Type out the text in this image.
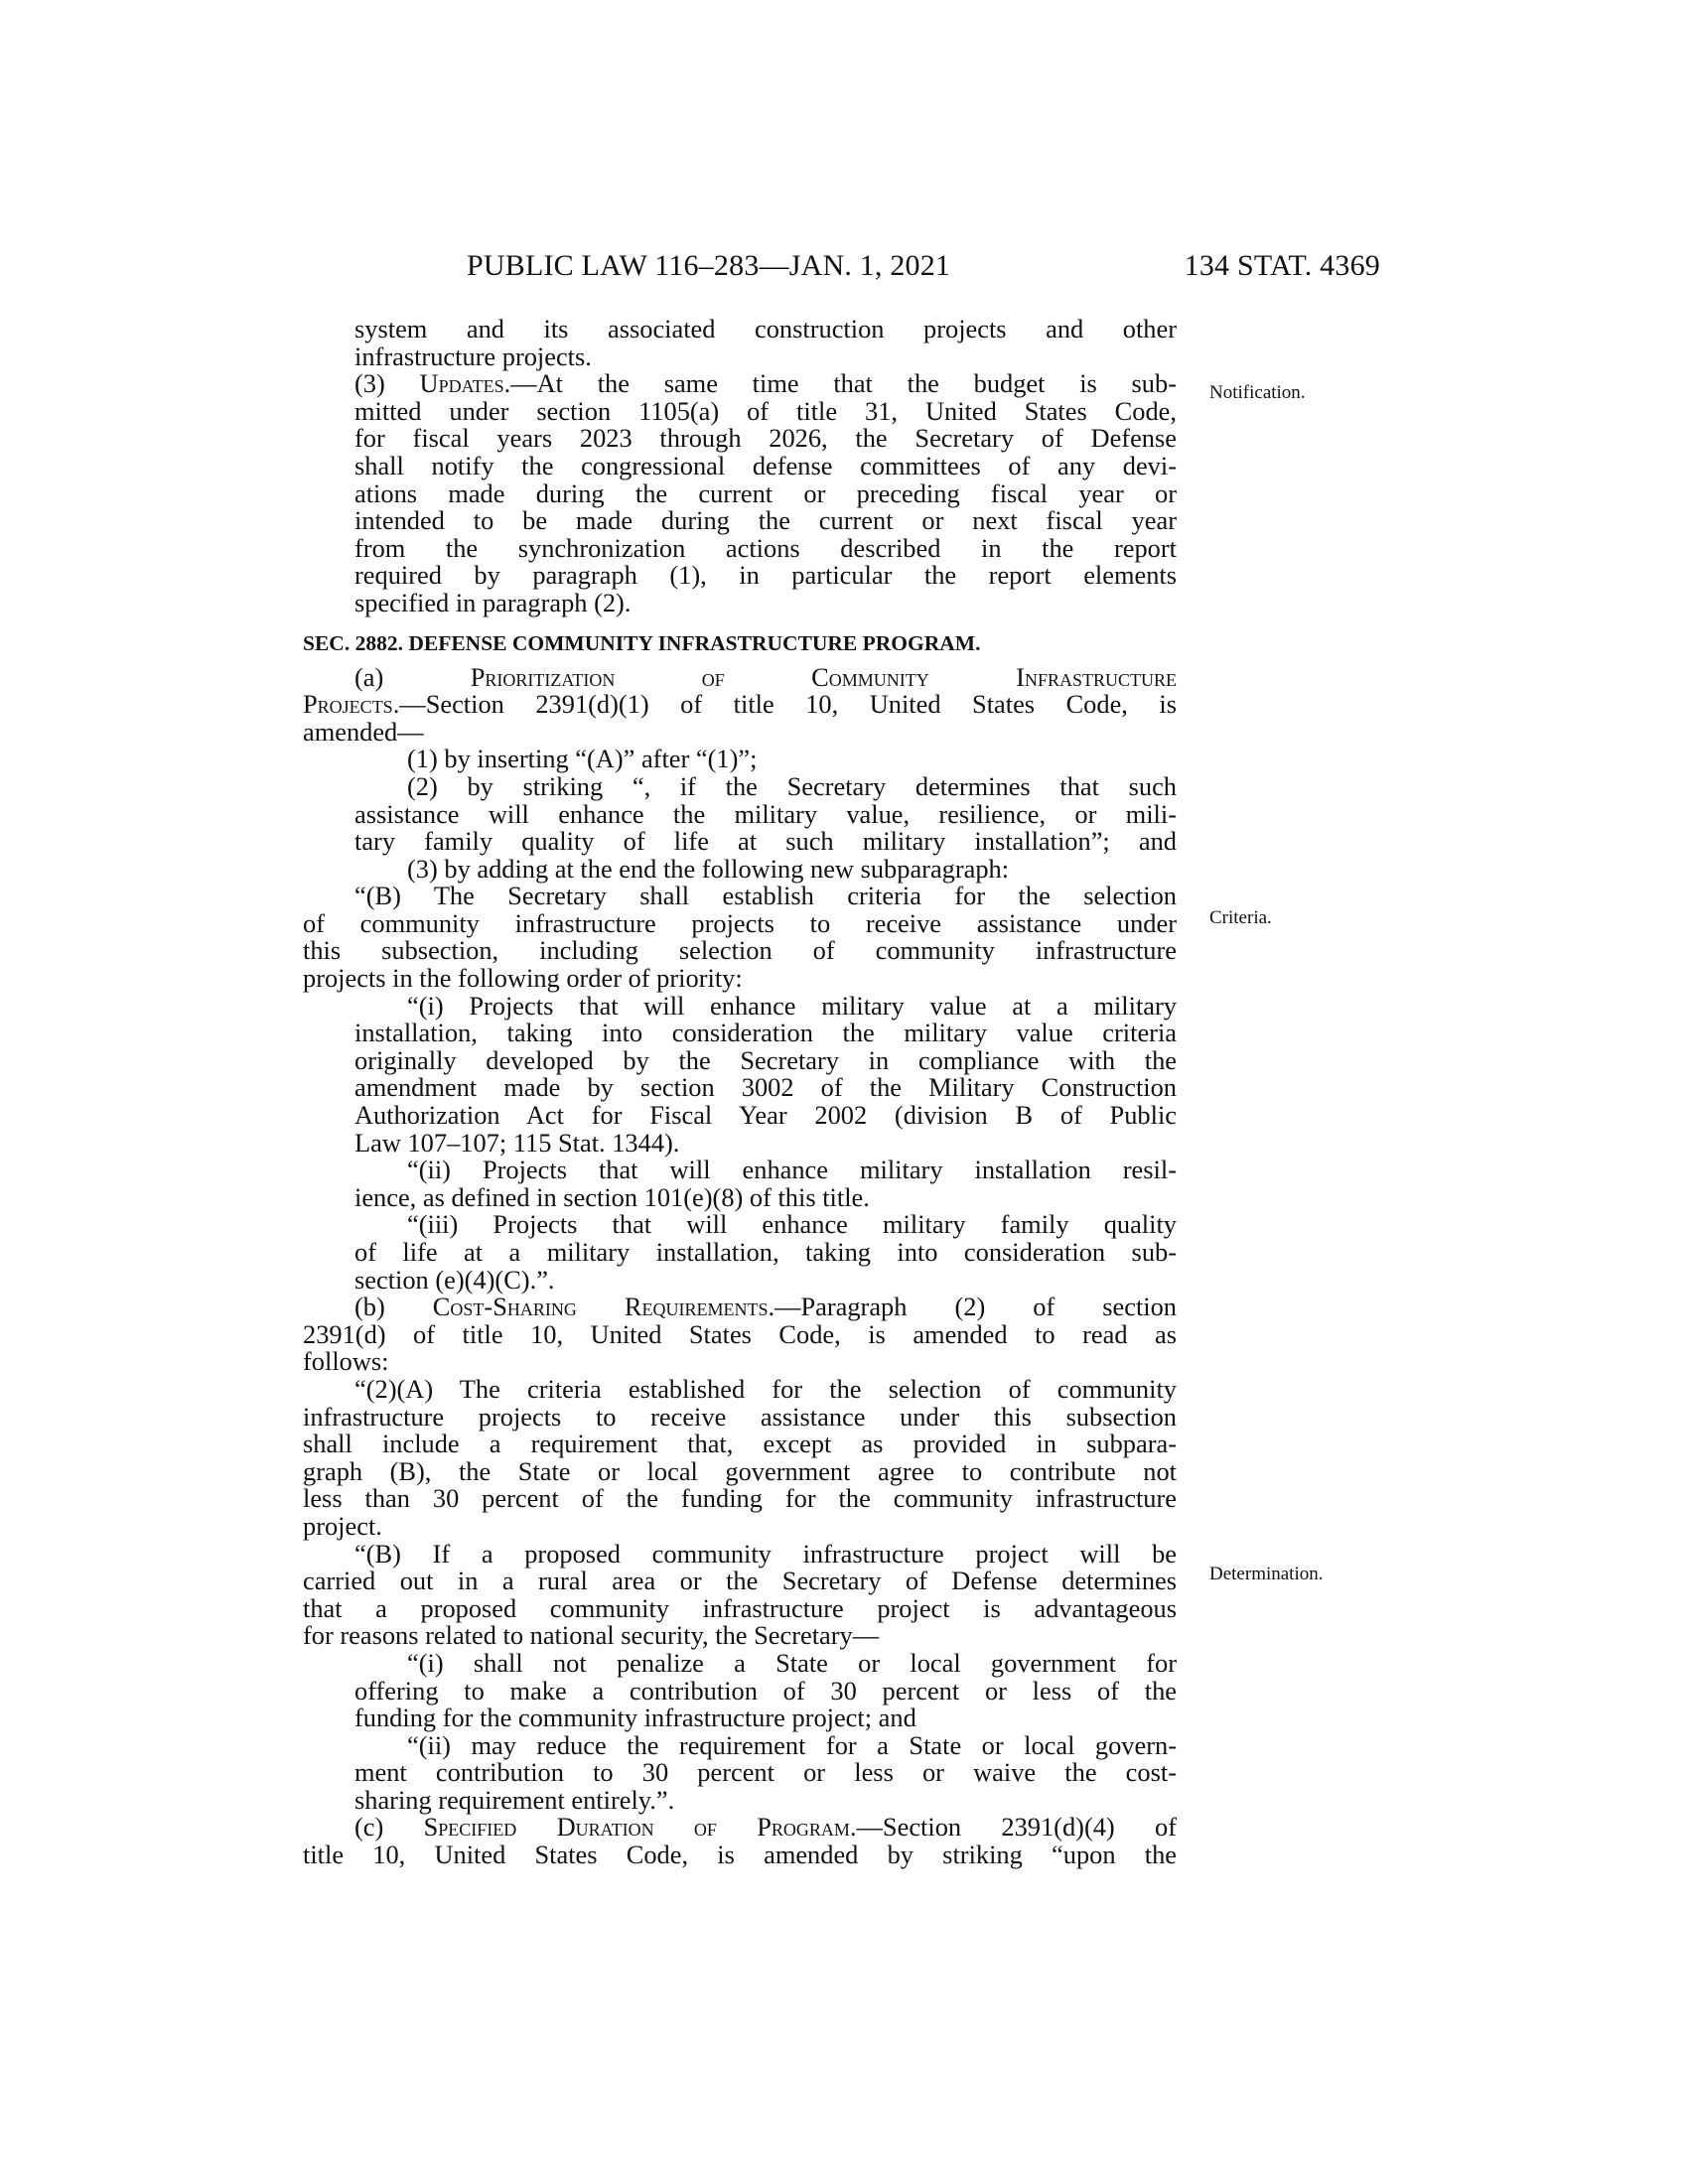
PUBLIC LAW 116–283—JAN. 1, 2021	134 STAT. 4369
Notification.
Criteria.
Determination.
system and its associated construction projects and other
infrastructure projects.
(3) Updates.—At the same time that the budget is sub-
mitted under section 1105(a) of title 31, United States Code,
for fiscal years 2023 through 2026, the Secretary of Defense
shall notify the congressional defense committees of any devi-
ations made during the current or preceding fiscal year or
intended to be made during the current or next fiscal year
from the synchronization actions described in the report
required by paragraph (1), in particular the report elements
specified in paragraph (2).
SEC. 2882. DEFENSE COMMUNITY INFRASTRUCTURE PROGRAM.
(a) Prioritization of Community Infrastructure
Projects.—Section 2391(d)(1) of title 10, United States Code, is
amended—
(1) by inserting “(A)” after “(1)”;
(2) by striking “, if the Secretary determines that such
assistance will enhance the military value, resilience, or mili-
tary family quality of life at such military installation”; and
(3) by adding at the end the following new subparagraph:
“(B) The Secretary shall establish criteria for the selection
of community infrastructure projects to receive assistance under
this subsection, including selection of community infrastructure
projects in the following order of priority:
“(i) Projects that will enhance military value at a military
installation, taking into consideration the military value criteria
originally developed by the Secretary in compliance with the
amendment made by section 3002 of the Military Construction
Authorization Act for Fiscal Year 2002 (division B of Public
Law 107–107; 115 Stat. 1344).
“(ii) Projects that will enhance military installation resil-
ience, as defined in section 101(e)(8) of this title.
“(iii) Projects that will enhance military family quality
of life at a military installation, taking into consideration sub-
section (e)(4)(C).”.
(b) Cost-Sharing Requirements.—Paragraph (2) of section
2391(d) of title 10, United States Code, is amended to read as
follows:
“(2)(A) The criteria established for the selection of community
infrastructure projects to receive assistance under this subsection
shall include a requirement that, except as provided in subpara-
graph (B), the State or local government agree to contribute not
less than 30 percent of the funding for the community infrastructure
project.
“(B) If a proposed community infrastructure project will be
carried out in a rural area or the Secretary of Defense determines
that a proposed community infrastructure project is advantageous
for reasons related to national security, the Secretary—
“(i) shall not penalize a State or local government for
offering to make a contribution of 30 percent or less of the
funding for the community infrastructure project; and
“(ii) may reduce the requirement for a State or local govern-
ment contribution to 30 percent or less or waive the cost-
sharing requirement entirely.”.
(c) Specified Duration of Program.—Section 2391(d)(4) of
title 10, United States Code, is amended by striking “upon the
